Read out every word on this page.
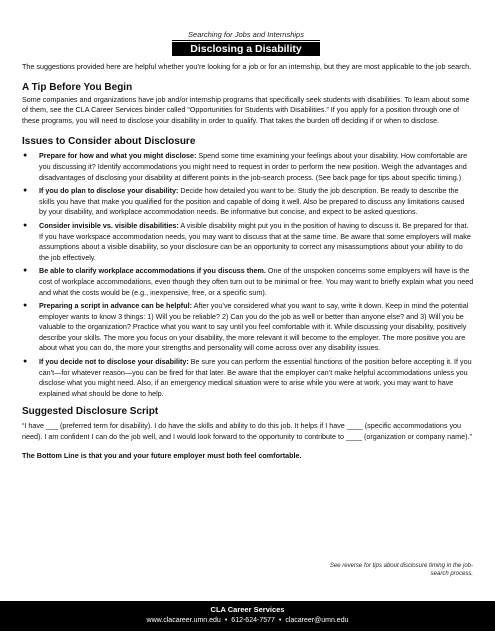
Searching for Jobs and Internships
Disclosing a Disability

The suggestions provided here are helpful whether you’re looking for a job or for an internship, but they are most applicable to the job search.

A Tip Before You Begin

Some companies and organizations have job and/or internship programs that specifically seek students with disabilities. To learn about some of them, see the CLA Career Services binder called “Opportunities for Students with Disabilities.” If you apply for a position through one of these programs, you will need to disclose your disability in order to qualify. That takes the burden off deciding if or when to disclose.

Issues to Consider about Disclosure
● Prepare for how and what you might disclose: Spend some time examining your feelings about your disability. How comfortable are you discussing it? Identify accommodations you might need to request in order to perform the new position. Weigh the advantages and disadvantages of disclosing your disability at different points in the job-search process. (See back page for tips about specific timing.)
● If you do plan to disclose your disability: Decide how detailed you want to be. Study the job description. Be ready to describe the skills you have that make you qualified for the position and capable of doing it well. Also be prepared to discuss any limitations caused by your disability, and workplace accommodation needs. Be informative but concise, and expect to be asked questions.
● Consider invisible vs. visible disabilities: A visible disability might put you in the position of having to discuss it. Be prepared for that. If you have workspace accommodation needs, you may want to discuss that at the same time. Be aware that some employers will make assumptions about a visible disability, so your disclosure can be an opportunity to correct any misassumptions about your ability to do the job effectively.
● Be able to clarify workplace accommodations if you discuss them. One of the unspoken concerns some employers will have is the cost of workplace accommodations, even though they often turn out to be minimal or free. You may want to briefly explain what you need and what the costs would be (e.g., inexpensive, free, or a specific sum).
● Preparing a script in advance can be helpful: After you’ve considered what you want to say, write it down. Keep in mind the potential employer wants to know 3 things: 1) Will you be reliable? 2) Can you do the job as well or better than anyone else? and 3) Will you be valuable to the organization? Practice what you want to say until you feel comfortable with it. While discussing your disability, positively describe your skills. The more you focus on your disability, the more relevant it will become to the employer. The more positive you are about what you can do, the more your strengths and personality will come across over any disability issues.
● If you decide not to disclose your disability: Be sure you can perform the essential functions of the position before accepting it. If you can’t—for whatever reason—you can be fired for that later. Be aware that the employer can’t make helpful accommodations unless you disclose what you might need. Also, if an emergency medical situation were to arise while you were at work, you may want to have explained what should be done to help.
Suggested Disclosure Script

“I have ___ (preferred term for disability). I do have the skills and ability to do this job. It helps if I have ____ (specific accommodations you need). I am confident I can do the job well, and I would look forward to the opportunity to contribute to ____ (organization or company name).”

The Bottom Line is that you and your future employer must both feel comfortable.

See reverse for tips about disclosure timing in the job-search process.
CLA Career Services
www.clacareer.umn.edu • 612-624-7577 • clacareer@umn.edu
